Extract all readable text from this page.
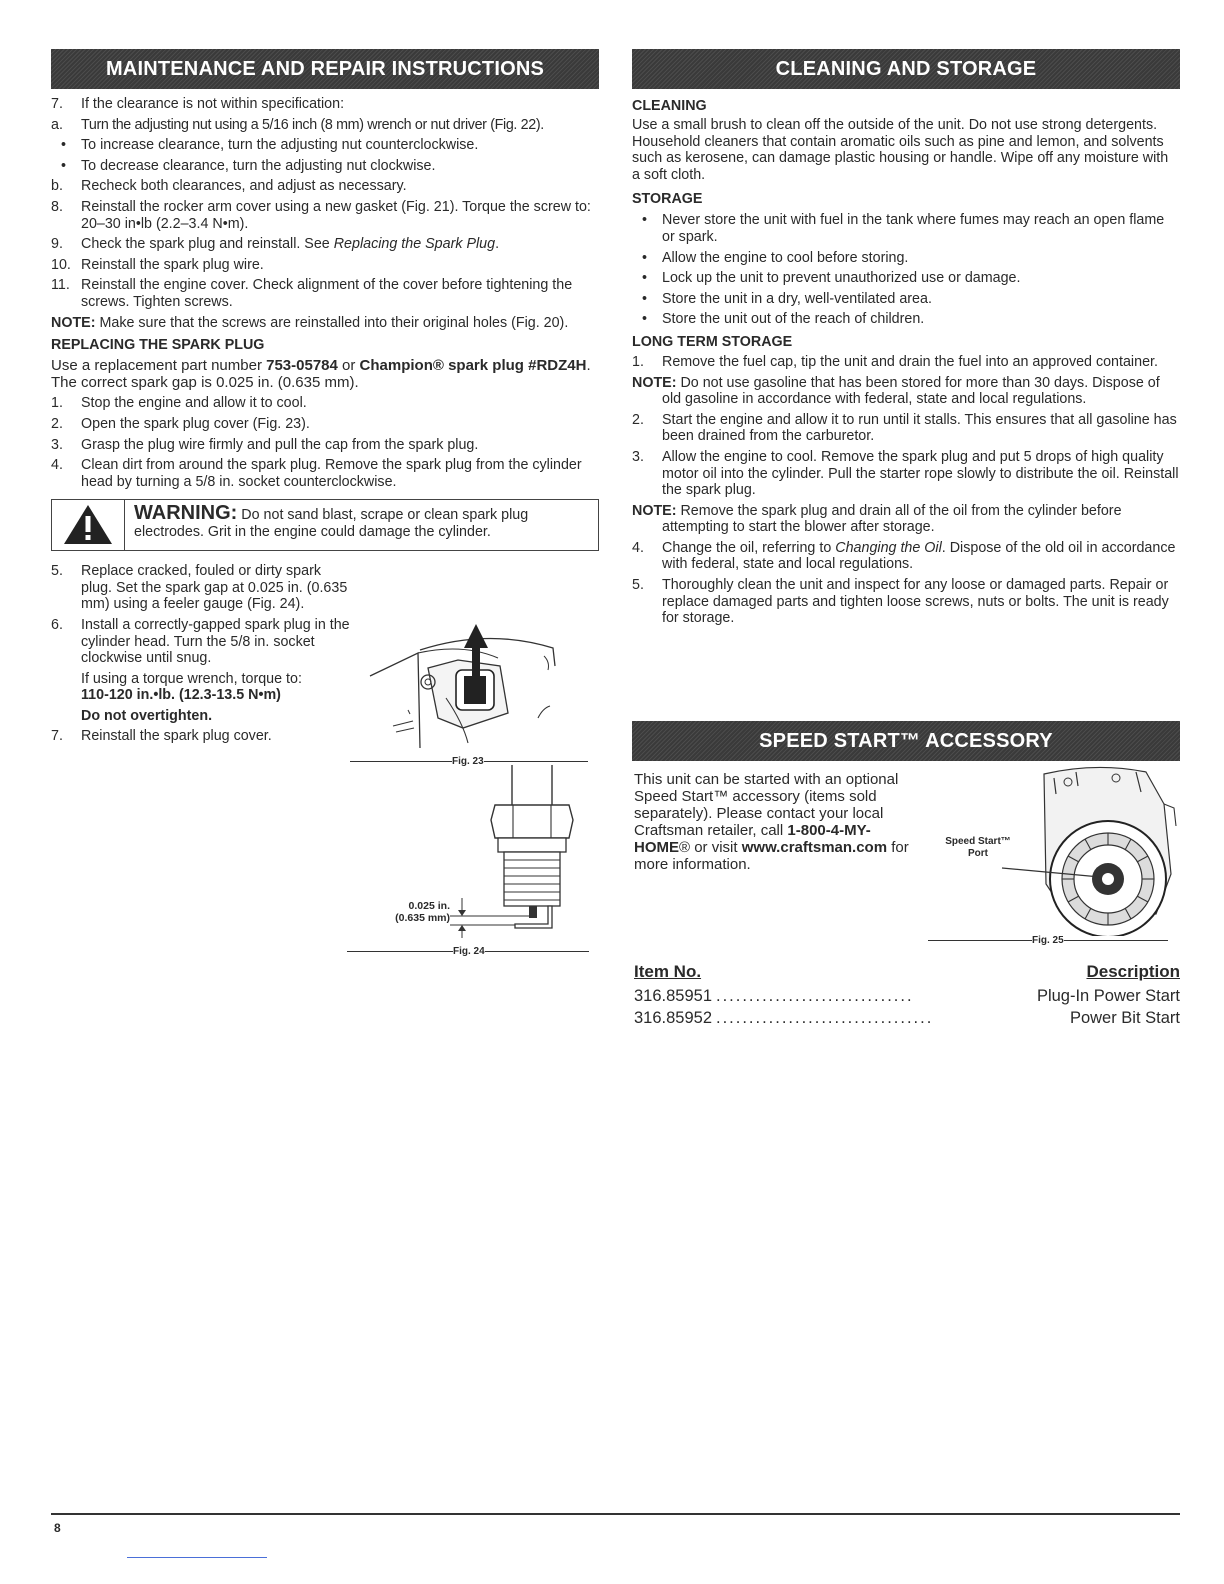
MAINTENANCE AND REPAIR INSTRUCTIONS
7.	If the clearance is not within specification:
a.	Turn the adjusting nut using a 5/16 inch (8 mm) wrench or nut driver (Fig. 22).
•	To increase clearance, turn the adjusting nut counterclockwise.
•	To decrease clearance, turn the adjusting nut clockwise.
b.	Recheck both clearances, and adjust as necessary.
8.	Reinstall the rocker arm cover using a new gasket (Fig. 21). Torque the screw to: 20–30 in•lb (2.2–3.4 N•m).
9.	Check the spark plug and reinstall. See Replacing the Spark Plug.
10. Reinstall the spark plug wire.
11. Reinstall the engine cover. Check alignment of the cover before tightening the screws. Tighten screws.
NOTE: Make sure that the screws are reinstalled into their original holes (Fig. 20).
REPLACING THE SPARK PLUG
Use a replacement part number 753-05784 or Champion® spark plug #RDZ4H. The correct spark gap is 0.025 in. (0.635 mm).
1.	Stop the engine and allow it to cool.
2.	Open the spark plug cover (Fig. 23).
3.	Grasp the plug wire firmly and pull the cap from the spark plug.
4.	Clean dirt from around the spark plug. Remove the spark plug from the cylinder head by turning a 5/8 in. socket counterclockwise.
WARNING: Do not sand blast, scrape or clean spark plug electrodes. Grit in the engine could damage the cylinder.
5.	Replace cracked, fouled or dirty spark plug. Set the spark gap at 0.025 in. (0.635 mm) using a feeler gauge (Fig. 24).
6.	Install a correctly-gapped spark plug in the cylinder head. Turn the 5/8 in. socket clockwise until snug.
If using a torque wrench, torque to:
110-120 in.•lb. (12.3-13.5 N•m)
Do not overtighten.
7.	Reinstall the spark plug cover.
Fig. 23
0.025 in.
(0.635 mm)
Fig. 24
CLEANING AND STORAGE
CLEANING
Use a small brush to clean off the outside of the unit. Do not use strong detergents. Household cleaners that contain aromatic oils such as pine and lemon, and solvents such as kerosene, can damage plastic housing or handle. Wipe off any moisture with a soft cloth.
STORAGE
•	Never store the unit with fuel in the tank where fumes may reach an open flame or spark.
•	Allow the engine to cool before storing.
•	Lock up the unit to prevent unauthorized use or damage.
•	Store the unit in a dry, well-ventilated area.
•	Store the unit out of the reach of children.
LONG TERM STORAGE
1.	Remove the fuel cap, tip the unit and drain the fuel into an approved container.
NOTE: Do not use gasoline that has been stored for more than 30 days. Dispose of old gasoline in accordance with federal, state and local regulations.
2.	Start the engine and allow it to run until it stalls. This ensures that all gasoline has been drained from the carburetor.
3.	Allow the engine to cool. Remove the spark plug and put 5 drops of high quality motor oil into the cylinder. Pull the starter rope slowly to distribute the oil. Reinstall the spark plug.
NOTE: Remove the spark plug and drain all of the oil from the cylinder before attempting to start the blower after storage.
4.	Change the oil, referring to Changing the Oil. Dispose of the old oil in accordance with federal, state and local regulations.
5.	Thoroughly clean the unit and inspect for any loose or damaged parts. Repair or replace damaged parts and tighten loose screws, nuts or bolts. The unit is ready for storage.
SPEED START™ ACCESSORY
This unit can be started with an optional Speed Start™ accessory (items sold separately). Please contact your local Craftsman retailer, call 1-800-4-MY-HOME® or visit www.craftsman.com for more information.
Speed Start™
Port
Fig. 25
Item No.	Description
316.85951 ..............................	Plug-In Power Start
316.85952 .................................	Power Bit Start
8
